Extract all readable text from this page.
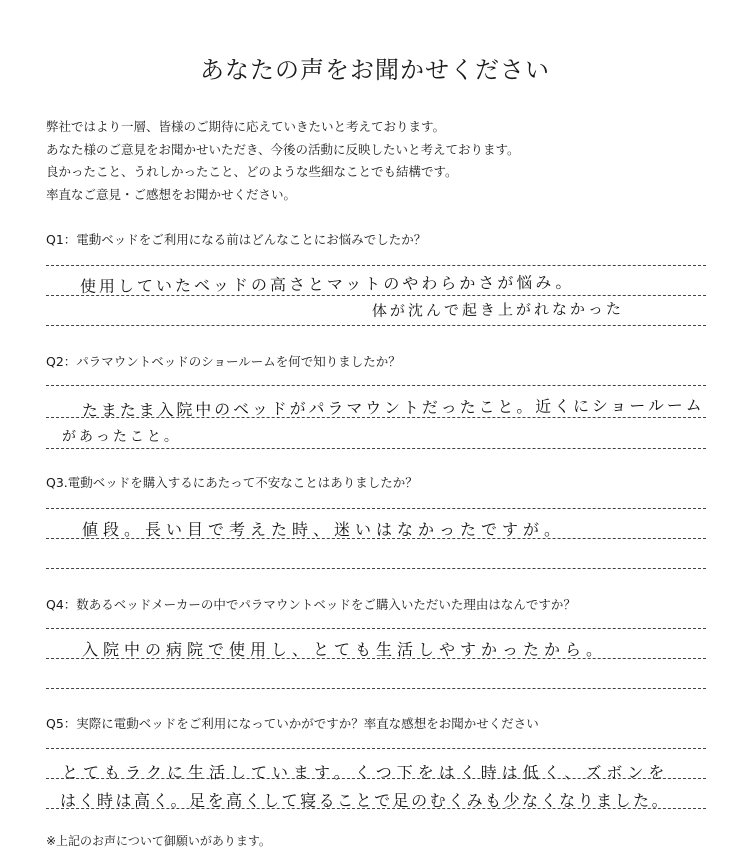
あなたの声をお聞かせください
弊社ではより一層、皆様のご期待に応えていきたいと考えております。
あなた様のご意見をお聞かせいただき、今後の活動に反映したいと考えております。
良かったこと、うれしかったこと、どのような些細なことでも結構です。
率直なご意見・ご感想をお聞かせください。
Q1：電動ベッドをご利用になる前はどんなことにお悩みでしたか？
使用していたベッドの高さとマットのやわらかさが悩み。
体が沈んで起き上がれなかった
Q2：パラマウントベッドのショールームを何で知りましたか？
たまたま入院中のベッドがパラマウントだったこと。近くにショールーム
があったこと。
Q3.電動ベッドを購入するにあたって不安なことはありましたか？
値段。長い目で考えた時、迷いはなかったですが。
Q4：数あるベッドメーカーの中でパラマウントベッドをご購入いただいた理由はなんですか？
入院中の病院で使用し、とても生活しやすかったから。
Q5：実際に電動ベッドをご利用になっていかがですか？率直な感想をお聞かせください
とてもラクに生活しています。くつ下をはく時は低く、ズボンを
はく時は高く。足を高くして寝ることで足のむくみも少なくなりました。
※上記のお声について御願いがあります。
